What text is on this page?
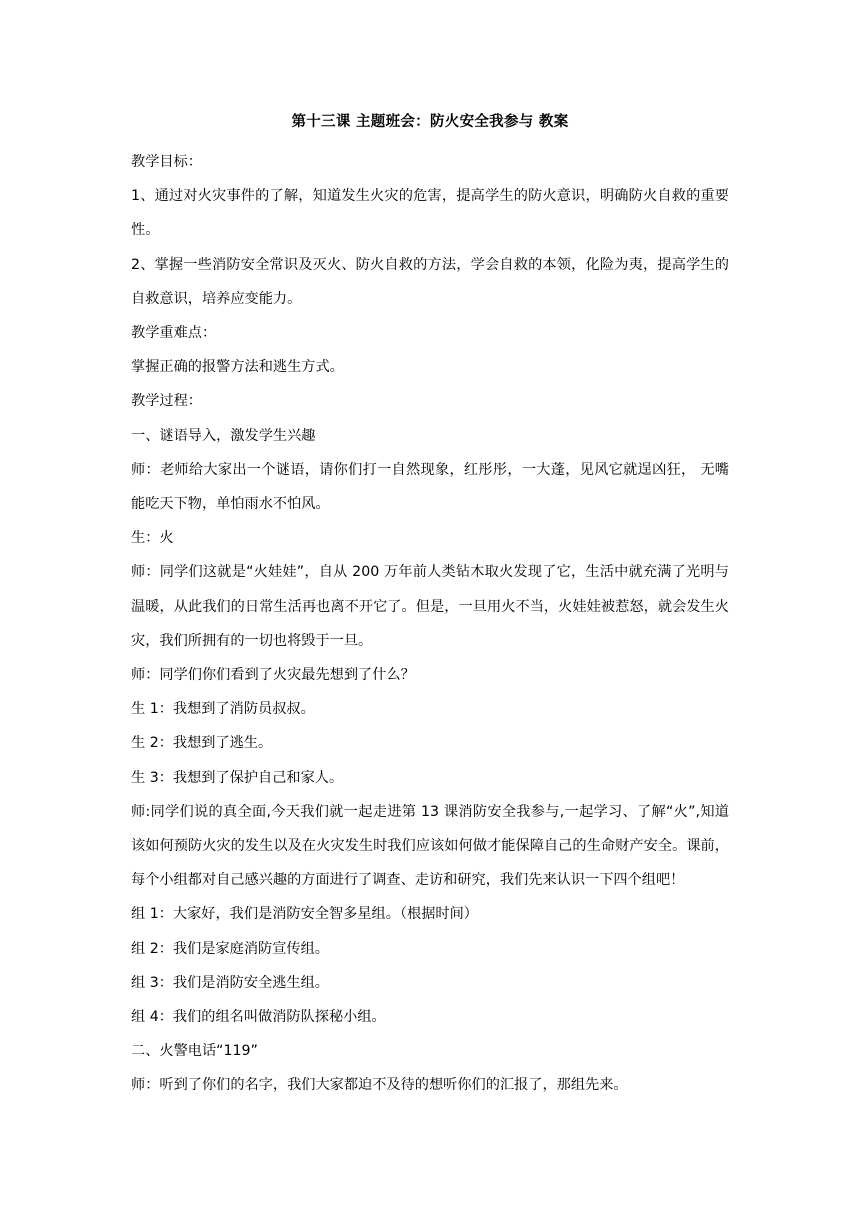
第十三课 主题班会：防火安全我参与 教案

教学目标：

1、通过对火灾事件的了解，知道发生火灾的危害，提高学生的防火意识，明确防火自救的重要性。

2、掌握一些消防安全常识及灭火、防火自救的方法，学会自救的本领，化险为夷，提高学生的自救意识，培养应变能力。

教学重难点：

掌握正确的报警方法和逃生方式。

教学过程：

一、谜语导入，激发学生兴趣

师：老师给大家出一个谜语，请你们打一自然现象，红彤彤，一大蓬，见风它就逞凶狂， 无嘴能吃天下物，单怕雨水不怕风。

生：火

师：同学们这就是“火娃娃”，自从 200 万年前人类钻木取火发现了它，生活中就充满了光明与温暖，从此我们的日常生活再也离不开它了。但是，一旦用火不当，火娃娃被惹怒，就会发生火灾，我们所拥有的一切也将毁于一旦。

师：同学们你们看到了火灾最先想到了什么？

生 1：我想到了消防员叔叔。

生 2：我想到了逃生。

生 3：我想到了保护自己和家人。

师:同学们说的真全面,今天我们就一起走进第 13 课消防安全我参与,一起学习、了解“火”,知道该如何预防火灾的发生以及在火灾发生时我们应该如何做才能保障自己的生命财产安全。课前，每个小组都对自己感兴趣的方面进行了调查、走访和研究，我们先来认识一下四个组吧！

组 1：大家好，我们是消防安全智多星组。（根据时间）

组 2：我们是家庭消防宣传组。

组 3：我们是消防安全逃生组。

组 4：我们的组名叫做消防队探秘小组。

二、火警电话“119”

师：听到了你们的名字，我们大家都迫不及待的想听你们的汇报了，那组先来。
